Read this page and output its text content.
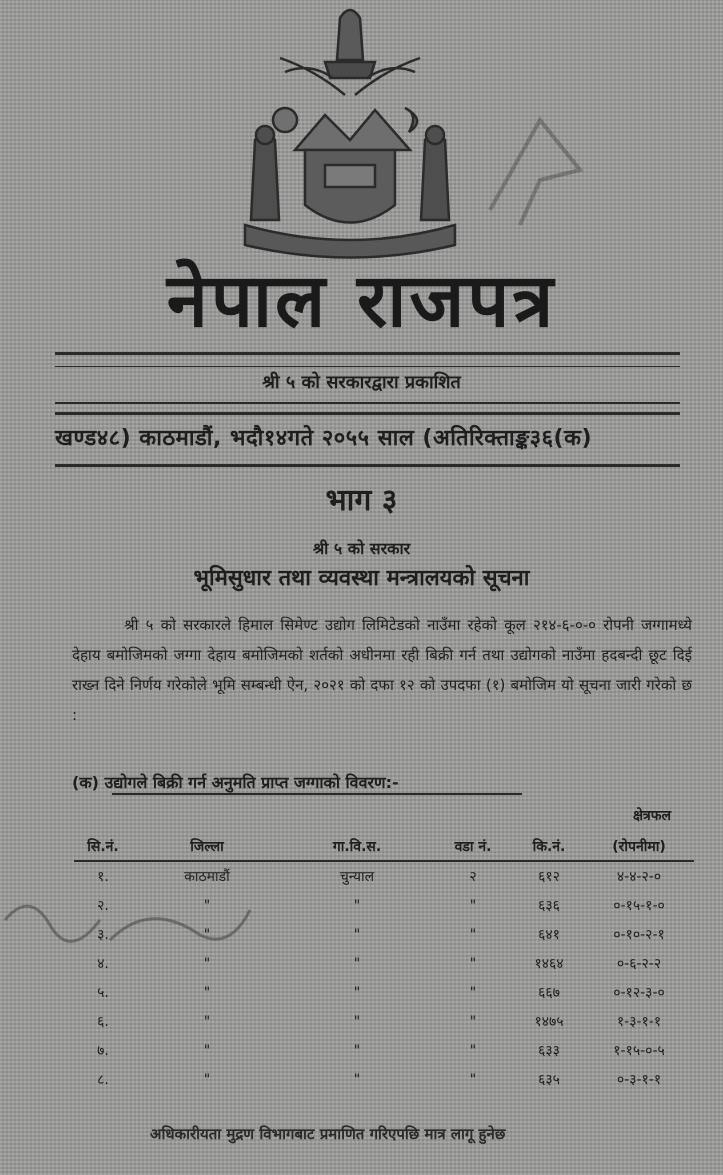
नेपाल राजपत्र
श्री ५ को सरकारद्वारा प्रकाशित
खण्ड४८) काठमाडौं, भदौ१४गते २०५५ साल (अतिरिक्ताङ्क३६(क)
भाग ३
श्री ५ को सरकार
भूमिसुधार तथा व्यवस्था मन्त्रालयको सूचना
श्री ५ को सरकारले हिमाल सिमेण्ट उद्योग लिमिटेडको नाउँमा रहेको कूल २१४-६-०-० रोपनी जग्गामध्ये देहाय बमोजिमको जग्गा देहाय बमोजिमको शर्तको अधीनमा रही बिक्री गर्न तथा उद्योगको नाउँमा हदबन्दी छूट दिई राख्न दिने निर्णय गरेकोले भूमि सम्बन्धी ऐन, २०२१ को दफा १२ को उपदफा (१) बमोजिम यो सूचना जारी गरेको छ :
(क) उद्योगले बिक्री गर्न अनुमति प्राप्त जग्गाको विवरण:-
क्षेत्रफल
सि.नं.	जिल्ला	गा.वि.स.	वडा नं.	कि.नं.	(रोपनीमा)
१.	काठमाडौं	चुन्याल	२	६१२	४-४-२-०
२.	"	"	"	६३६	०-१५-१-०
३.	"	"	"	६४१	०-१०-२-१
४.	"	"	"	१४६४	०-६-२-२
५.	"	"	"	६६७	०-१२-३-०
६.	"	"	"	१४७५	१-३-१-१
७.	"	"	"	६३३	१-१५-०-५
८.	"	"	"	६३५	०-३-१-१
अधिकारीयता मुद्रण विभागबाट प्रमाणित गरिएपछि मात्र लागू हुनेछ
